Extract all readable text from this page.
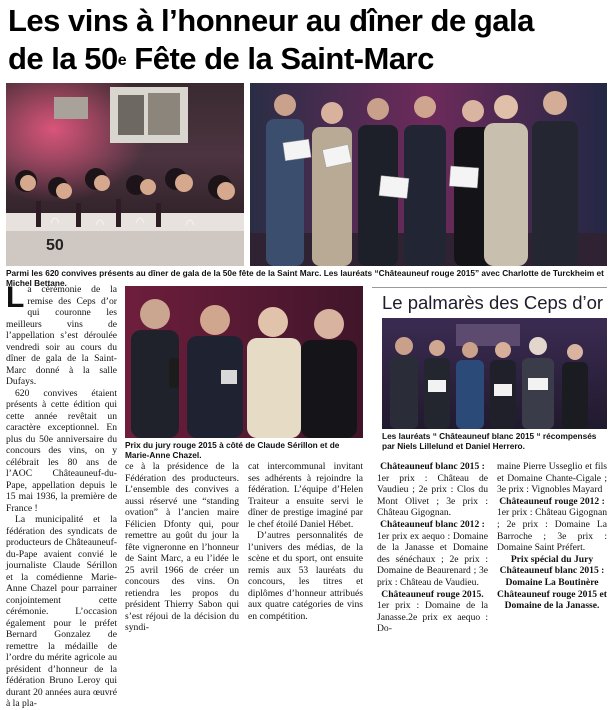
Les vins à l’honneur au dîner de gala
de la 50e Fête de la Saint-Marc
50
Parmi les 620 convives présents au dîner de gala de la 50e fête de la Saint Marc. Les lauréats “Châteauneuf rouge 2015” avec Charlotte de Turckheim et Michel Bettane.

La cérémonie de la remise des Ceps d’or qui couronne les meilleurs vins de l’appellation s’est déroulée vendredi soir au cours du dîner de gala de la Saint-Marc donné à la salle Dufays.

620 convives étaient présents à cette édition qui cette année revêtait un caractère exceptionnel. En plus du 50e anniversaire du concours des vins, on y célébrait les 80 ans de l’AOC Châteauneuf-du-Pape, appellation depuis le 15 mai 1936, la première de France !

La municipalité et la fédération des syndicats de producteurs de Châteauneuf-du-Pape avaient convié le journaliste Claude Sérillon et la comédienne Marie-Anne Chazel pour parrainer conjointement cette cérémonie. L’occasion également pour le préfet Bernard Gonzalez de remettre la médaille de l’ordre du mérite agricole au président d’honneur de la fédération Bruno Leroy qui durant 20 années aura œuvré à la pla-

Prix du jury rouge 2015 à côté de Claude Sérillon et de Marie-Anne Chazel.

ce à la présidence de la Fédération des producteurs. L’ensemble des convives a aussi réservé une “standing ovation” à l’ancien maire Félicien Dfonty qui, pour remettre au goût du jour la fête vigneronne en l’honneur de Saint Marc, a eu l’idée le 25 avril 1966 de créer un concours des vins. On retiendra les propos du président Thierry Sabon qui s’est réjoui de la décision du syndi-

cat intercommunal invitant ses adhérents à rejoindre la fédération. L’équipe d’Helen Traiteur a ensuite servi le dîner de prestige imaginé par le chef étoilé Daniel Hébet.

D’autres personnalités de l’univers des médias, de la scène et du sport, ont ensuite remis aux 53 lauréats du concours, les titres et diplômes d’honneur attribués aux quatre catégories de vins en compétition.

Le palmarès des Ceps d’or
Les lauréats “ Châteauneuf blanc 2015 “ récompensés par Niels Lillelund et Daniel Herrero.

Châteauneuf blanc 2015 :

1er prix : Château de Vaudieu ; 2e prix : Clos du Mont Olivet ; 3e prix : Château Gigognan.

Châteauneuf blanc 2012 :

1er prix ex aequo : Domaine de la Janasse et Domaine des sénéchaux ; 2e prix : Domaine de Beaurenard ; 3e prix : Château de Vaudieu.

Châteauneuf rouge 2015.

1er prix : Domaine de la Janasse.2e prix ex aequo : Do-

maine Pierre Usseglio et fils et Domaine Chante-Cigale ; 3e prix : Vignobles Mayard

Châteauneuf rouge 2012 :

1er prix : Château Gigognan ; 2e prix : Domaine La Barroche ; 3e prix : Domaine Saint Préfert.

Prix spécial du Jury Châteauneuf blanc 2015 : Domaine La Boutinère Châteauneuf rouge 2015 et Domaine de la Janasse.
